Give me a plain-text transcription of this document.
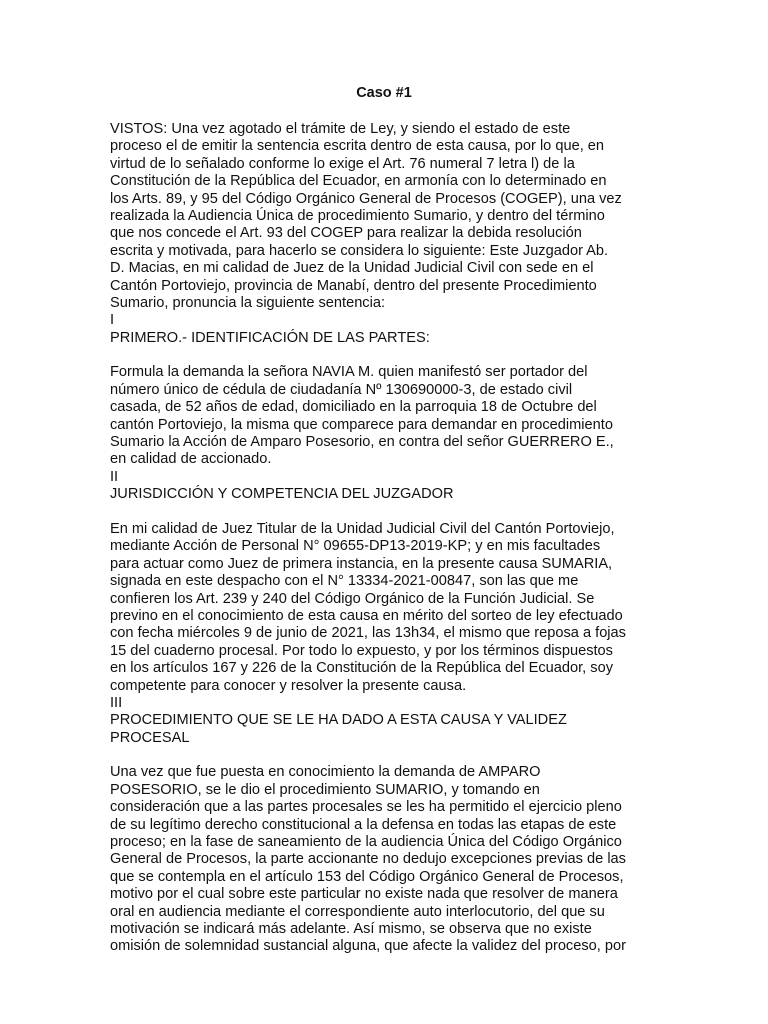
Caso #1
VISTOS: Una vez agotado el trámite de Ley, y siendo el estado de este
proceso el de emitir la sentencia escrita dentro de esta causa, por lo que, en
virtud de lo señalado conforme lo exige el Art. 76 numeral 7 letra l) de la
Constitución de la República del Ecuador, en armonía con lo determinado en
los Arts. 89, y 95 del Código Orgánico General de Procesos (COGEP), una vez
realizada la Audiencia Única de procedimiento Sumario, y dentro del término
que nos concede el Art. 93 del COGEP para realizar la debida resolución
escrita y motivada, para hacerlo se considera lo siguiente: Este Juzgador Ab.
D. Macias, en mi calidad de Juez de la Unidad Judicial Civil con sede en el
Cantón Portoviejo, provincia de Manabí, dentro del presente Procedimiento
Sumario, pronuncia la siguiente sentencia:
I
PRIMERO.- IDENTIFICACIÓN DE LAS PARTES:
Formula la demanda la señora NAVIA M. quien manifestó ser portador del
número único de cédula de ciudadanía Nº 130690000-3, de estado civil
casada, de 52 años de edad, domiciliado en la parroquia 18 de Octubre del
cantón Portoviejo, la misma que comparece para demandar en procedimiento
Sumario la Acción de Amparo Posesorio, en contra del señor GUERRERO E.,
en calidad de accionado.
II
JURISDICCIÓN Y COMPETENCIA DEL JUZGADOR
En mi calidad de Juez Titular de la Unidad Judicial Civil del Cantón Portoviejo,
mediante Acción de Personal N° 09655-DP13-2019-KP; y en mis facultades
para actuar como Juez de primera instancia, en la presente causa SUMARIA,
signada en este despacho con el N° 13334-2021-00847, son las que me
confieren los Art. 239 y 240 del Código Orgánico de la Función Judicial. Se
previno en el conocimiento de esta causa en mérito del sorteo de ley efectuado
con fecha miércoles 9 de junio de 2021, las 13h34, el mismo que reposa a fojas
15 del cuaderno procesal. Por todo lo expuesto, y por los términos dispuestos
en los artículos 167 y 226 de la Constitución de la República del Ecuador, soy
competente para conocer y resolver la presente causa.
III
PROCEDIMIENTO QUE SE LE HA DADO A ESTA CAUSA Y VALIDEZ
PROCESAL
Una vez que fue puesta en conocimiento la demanda de AMPARO
POSESORIO, se le dio el procedimiento SUMARIO, y tomando en
consideración que a las partes procesales se les ha permitido el ejercicio pleno
de su legítimo derecho constitucional a la defensa en todas las etapas de este
proceso; en la fase de saneamiento de la audiencia Única del Código Orgánico
General de Procesos, la parte accionante no dedujo excepciones previas de las
que se contempla en el artículo 153 del Código Orgánico General de Procesos,
motivo por el cual sobre este particular no existe nada que resolver de manera
oral en audiencia mediante el correspondiente auto interlocutorio, del que su
motivación se indicará más adelante. Así mismo, se observa que no existe
omisión de solemnidad sustancial alguna, que afecte la validez del proceso, por
